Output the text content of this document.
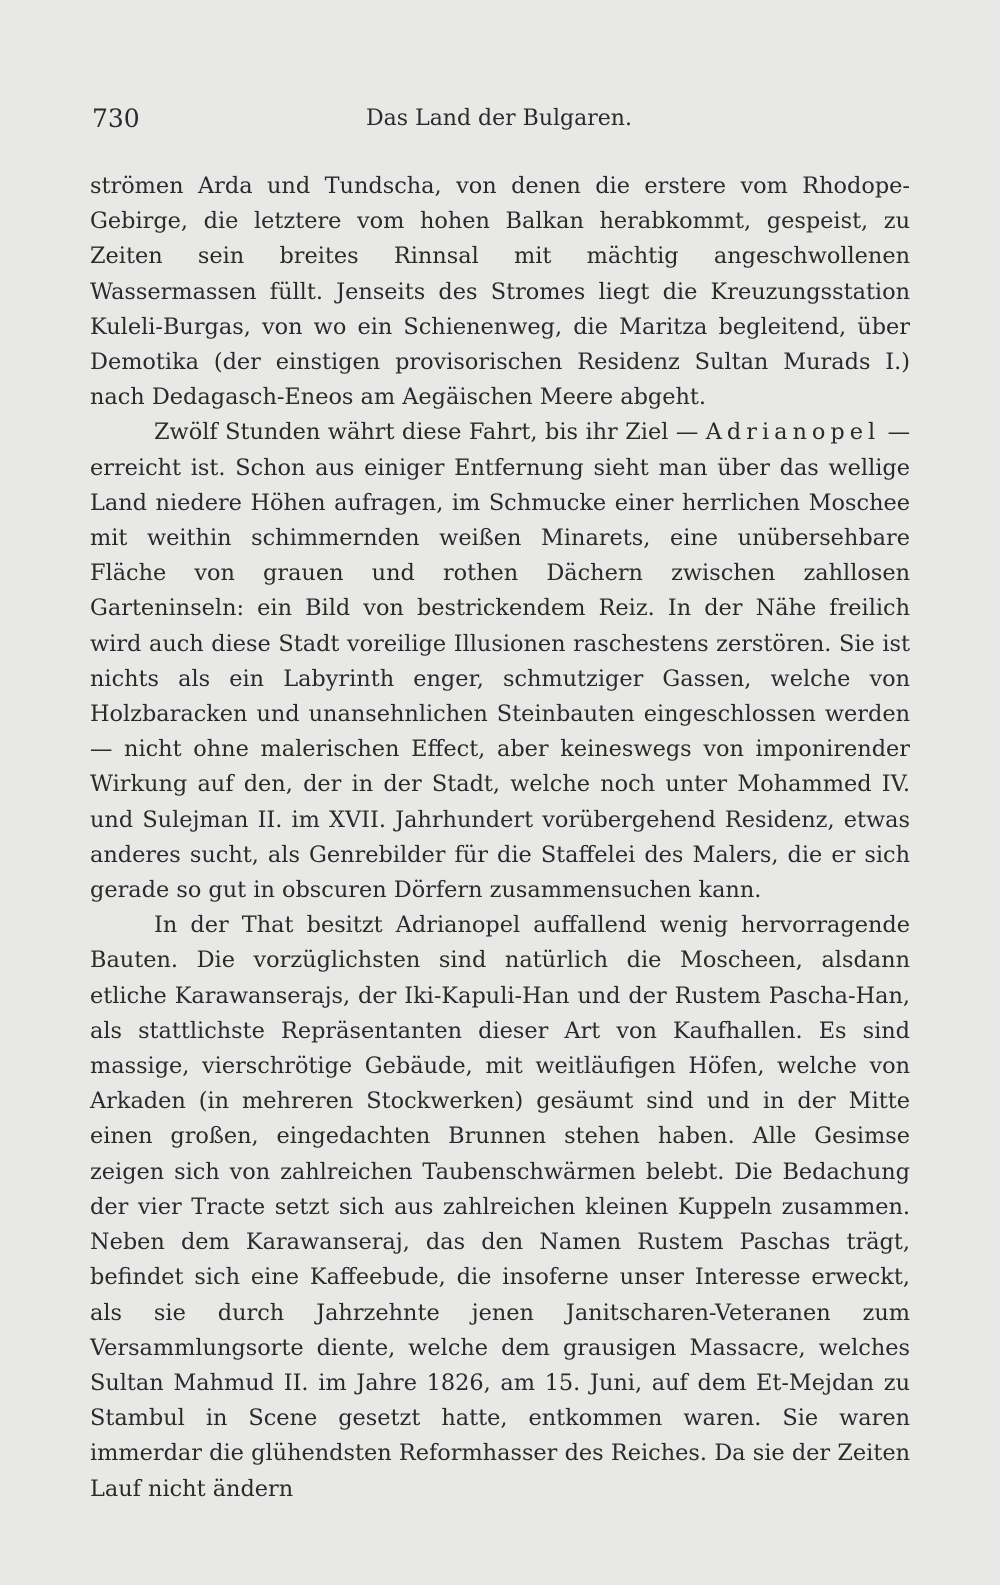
730	Das Land der Bulgaren.

strömen Arda und Tundscha, von denen die erstere vom Rhodope-Gebirge, die letztere vom hohen Balkan herabkommt, gespeist, zu Zeiten sein breites Rinnsal mit mächtig angeschwollenen Wassermassen füllt. Jenseits des Stromes liegt die Kreuzungsstation Kuleli-Burgas, von wo ein Schienenweg, die Maritza begleitend, über Demotika (der einstigen provisorischen Residenz Sultan Murads I.) nach Dedagasch-Eneos am Aegäischen Meere abgeht.

Zwölf Stunden währt diese Fahrt, bis ihr Ziel — Adrianopel — erreicht ist. Schon aus einiger Entfernung sieht man über das wellige Land niedere Höhen aufragen, im Schmucke einer herrlichen Moschee mit weithin schimmernden weißen Minarets, eine unübersehbare Fläche von grauen und rothen Dächern zwischen zahllosen Garteninseln: ein Bild von bestrickendem Reiz. In der Nähe freilich wird auch diese Stadt voreilige Illusionen raschestens zerstören. Sie ist nichts als ein Labyrinth enger, schmutziger Gassen, welche von Holzbaracken und unansehnlichen Steinbauten eingeschlossen werden — nicht ohne malerischen Effect, aber keineswegs von imponirender Wirkung auf den, der in der Stadt, welche noch unter Mohammed IV. und Sulejman II. im XVII. Jahrhundert vorübergehend Residenz, etwas anderes sucht, als Genrebilder für die Staffelei des Malers, die er sich gerade so gut in obscuren Dörfern zusammensuchen kann.

In der That besitzt Adrianopel auffallend wenig hervorragende Bauten. Die vorzüglichsten sind natürlich die Moscheen, alsdann etliche Karawanserajs, der Iki-Kapuli-Han und der Rustem Pascha-Han, als stattlichste Repräsentanten dieser Art von Kaufhallen. Es sind massige, vierschrötige Gebäude, mit weitläufigen Höfen, welche von Arkaden (in mehreren Stockwerken) gesäumt sind und in der Mitte einen großen, eingedachten Brunnen stehen haben. Alle Gesimse zeigen sich von zahlreichen Taubenschwärmen belebt. Die Bedachung der vier Tracte setzt sich aus zahlreichen kleinen Kuppeln zusammen. Neben dem Karawanseraj, das den Namen Rustem Paschas trägt, befindet sich eine Kaffeebude, die insoferne unser Interesse erweckt, als sie durch Jahrzehnte jenen Janitscharen-Veteranen zum Versammlungsorte diente, welche dem grausigen Massacre, welches Sultan Mahmud II. im Jahre 1826, am 15. Juni, auf dem Et-Mejdan zu Stambul in Scene gesetzt hatte, entkommen waren. Sie waren immerdar die glühendsten Reformhasser des Reiches. Da sie der Zeiten Lauf nicht ändern
